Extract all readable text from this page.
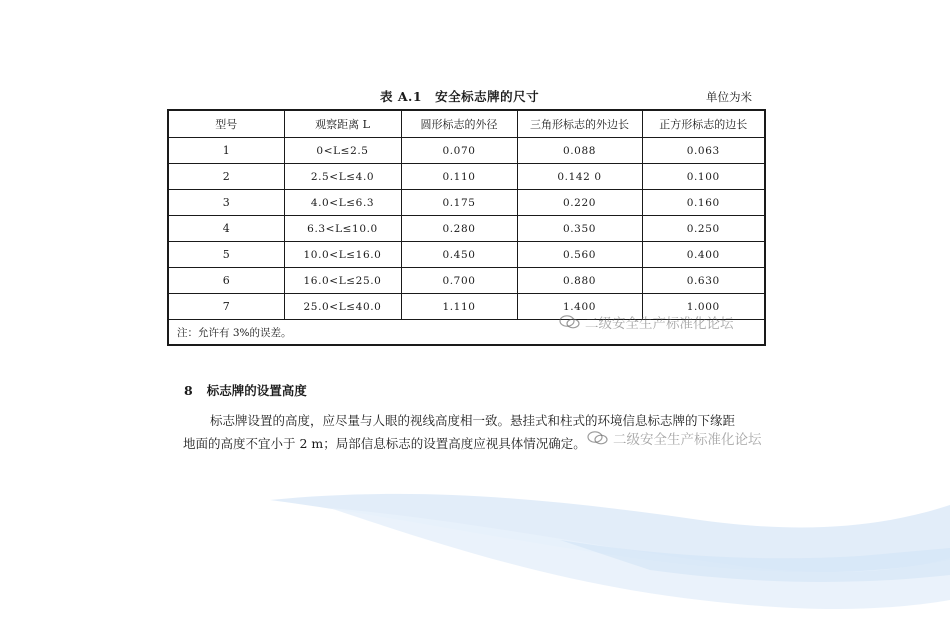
表 A.1　安全标志牌的尺寸	单位为米
型号	观察距离 L	圆形标志的外径	三角形标志的外边长	正方形标志的边长
1	0<L≤2.5	0.070	0.088	0.063
2	2.5<L≤4.0	0.110	0.142 0	0.100
3	4.0<L≤6.3	0.175	0.220	0.160
4	6.3<L≤10.0	0.280	0.350	0.250
5	10.0<L≤16.0	0.450	0.560	0.400
6	16.0<L≤25.0	0.700	0.880	0.630
7	25.0<L≤40.0	1.110	1.400	1.000
注：允许有 3%的误差。				
8 标志牌的设置高度
标志牌设置的高度，应尽量与人眼的视线高度相一致。悬挂式和柱式的环境信息标志牌的下缘距
地面的高度不宜小于 2 m；局部信息标志的设置高度应视具体情况确定。
二级安全生产标准化论坛
二级安全生产标准化论坛
